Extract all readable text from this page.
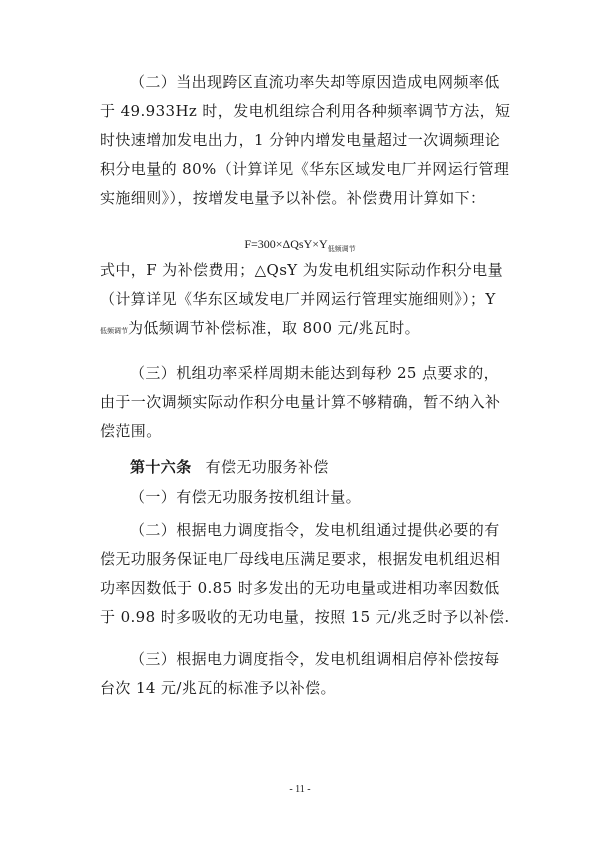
（二）当出现跨区直流功率失却等原因造成电网频率低
于 49.933Hz 时，发电机组综合利用各种频率调节方法，短
时快速增加发电出力，1 分钟内增发电量超过一次调频理论
积分电量的 80%（计算详见《华东区域发电厂并网运行管理
实施细则》），按增发电量予以补偿。补偿费用计算如下：
$F=300\times\Delta QsY\times Y_{低频调节}$
式中，F 为补偿费用；△QsY 为发电机组实际动作积分电量
（计算详见《华东区域发电厂并网运行管理实施细则》）；Y
低频调节为低频调节补偿标准，取 800 元/兆瓦时。
（三）机组功率采样周期未能达到每秒 25 点要求的，
由于一次调频实际动作积分电量计算不够精确，暂不纳入补
偿范围。
第十六条 有偿无功服务补偿
（一）有偿无功服务按机组计量。
（二）根据电力调度指令，发电机组通过提供必要的有
偿无功服务保证电厂母线电压满足要求，根据发电机组迟相
功率因数低于 0.85 时多发出的无功电量或进相功率因数低
于 0.98 时多吸收的无功电量，按照 15 元/兆乏时予以补偿.
（三）根据电力调度指令，发电机组调相启停补偿按每
台次 14 元/兆瓦的标准予以补偿。
- 11 -
